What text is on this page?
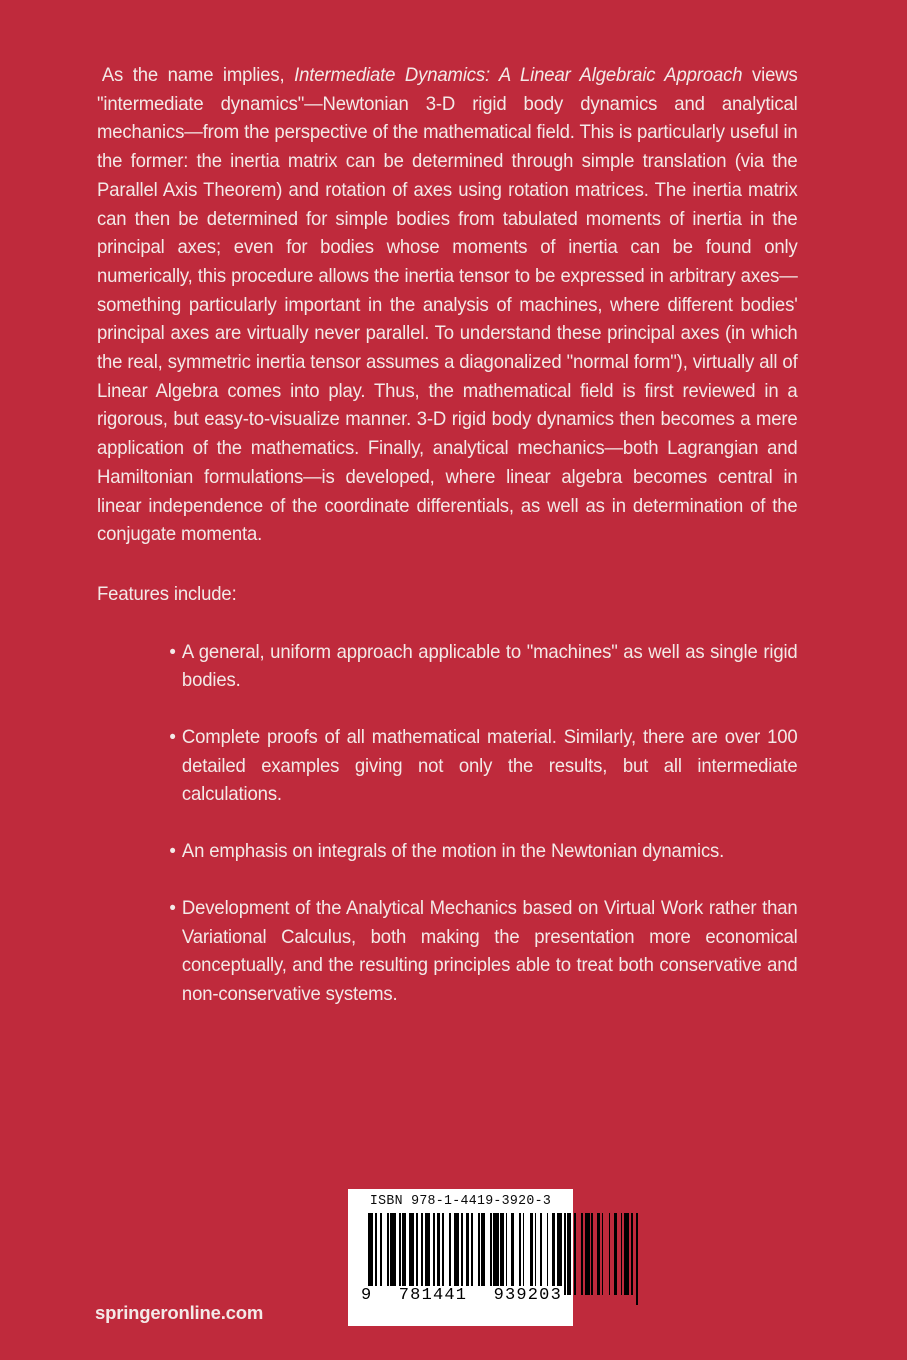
As the name implies, Intermediate Dynamics: A Linear Algebraic Approach views "intermediate dynamics"—Newtonian 3-D rigid body dynamics and analytical mechanics—from the perspective of the mathematical field. This is particularly useful in the former: the inertia matrix can be determined through simple translation (via the Parallel Axis Theorem) and rotation of axes using rotation matrices. The inertia matrix can then be determined for simple bodies from tabulated moments of inertia in the principal axes; even for bodies whose moments of inertia can be found only numerically, this procedure allows the inertia tensor to be expressed in arbitrary axes—something particularly important in the analysis of machines, where different bodies' principal axes are virtually never parallel. To understand these principal axes (in which the real, symmetric inertia tensor assumes a diagonalized "normal form"), virtually all of Linear Algebra comes into play. Thus, the mathematical field is first reviewed in a rigorous, but easy-to-visualize manner. 3-D rigid body dynamics then becomes a mere application of the mathematics. Finally, analytical mechanics—both Lagrangian and Hamiltonian formulations—is developed, where linear algebra becomes central in linear independence of the coordinate differentials, as well as in determination of the conjugate momenta.

Features include:

• A general, uniform approach applicable to "machines" as well as single rigid bodies.
• Complete proofs of all mathematical material. Similarly, there are over 100 detailed examples giving not only the results, but all intermediate calculations.
• An emphasis on integrals of the motion in the Newtonian dynamics.
• Development of the Analytical Mechanics based on Virtual Work rather than Variational Calculus, both making the presentation more economical conceptually, and the resulting principles able to treat both conservative and non-conservative systems.
ISBN 978-1-4419-3920-3
9 781441 939203
springeronline.com
